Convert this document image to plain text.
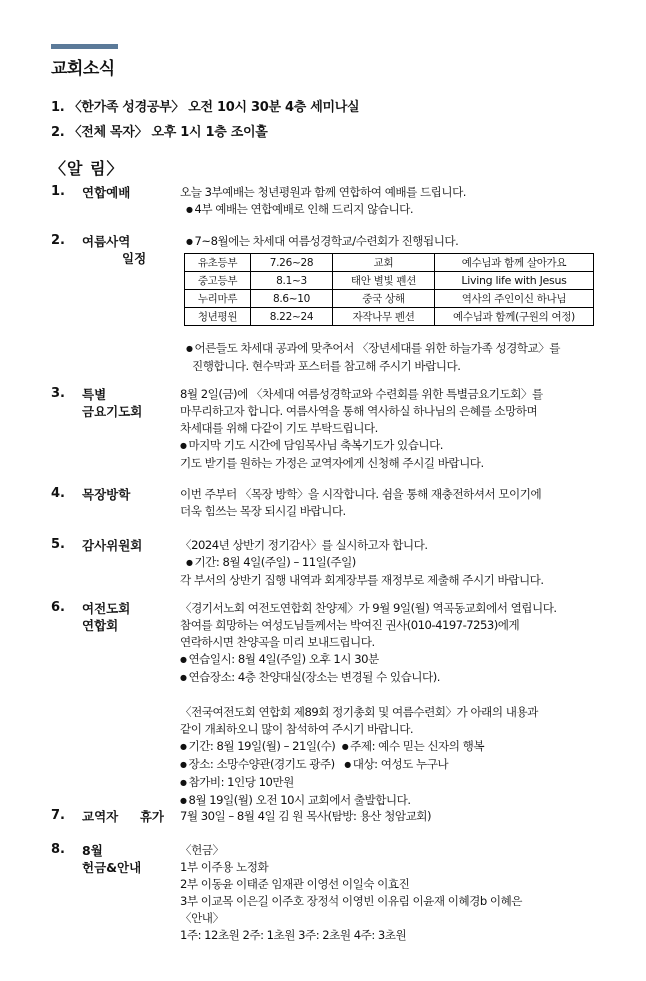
교회소식
1. 〈한가족 성경공부〉 오전 10시 30분 4층 세미나실
2. 〈전체 목자〉 오후 1시 1층 조이홀
〈알 림〉
1. 연합예배	오늘 3부예배는 청년평원과 함께 연합하여 예배를 드립니다.
● 4부 예배는 연합예배로 인해 드리지 않습니다.
2. 여름사역
일정
● 7~8월에는 차세대 여름성경학교/수련회가 진행됩니다.
유초등부	7.26~28	교회	예수님과 함께 살아가요
중고등부	8.1~3	태안 별빛 펜션	Living life with Jesus
누리마루	8.6~10	중국 상해	역사의 주인이신 하나님
청년평원	8.22~24	자작나무 펜션	예수님과 함께(구원의 여정)
● 어른들도 차세대 공과에 맞추어서 〈장년세대를 위한 하늘가족 성경학교〉를
진행합니다. 현수막과 포스터를 참고해 주시기 바랍니다.
3. 특별
금요기도회
8월 2일(금)에 〈차세대 여름성경학교와 수련회를 위한 특별금요기도회〉를
마무리하고자 합니다. 여름사역을 통해 역사하실 하나님의 은혜를 소망하며
차세대를 위해 다같이 기도 부탁드립니다.
● 마지막 기도 시간에 담임목사님 축복기도가 있습니다.
기도 받기를 원하는 가정은 교역자에게 신청해 주시길 바랍니다.
4. 목장방학	이번 주부터 〈목장 방학〉을 시작합니다. 쉼을 통해 재충전하셔서 모이기에
더욱 힘쓰는 목장 되시길 바랍니다.
5. 감사위원회	〈2024년 상반기 정기감사〉를 실시하고자 합니다.
● 기간: 8월 4일(주일) – 11일(주일)
각 부서의 상반기 집행 내역과 회계장부를 재정부로 제출해 주시기 바랍니다.
6. 여전도회
연합회
〈경기서노회 여전도연합회 찬양제〉가 9월 9일(월) 역곡동교회에서 열립니다.
참여를 희망하는 여성도님들께서는 박여진 권사(010-4197-7253)에게
연락하시면 찬양곡을 미리 보내드립니다.
● 연습일시: 8월 4일(주일) 오후 1시 30분
● 연습장소: 4층 찬양대실(장소는 변경될 수 있습니다).
〈전국여전도회 연합회 제89회 정기총회 및 여름수련회〉가 아래의 내용과
같이 개최하오니 많이 참석하여 주시기 바랍니다.
● 기간: 8월 19일(월) – 21일(수) ● 주제: 예수 믿는 신자의 행복
● 장소: 소망수양관(경기도 광주) ● 대상: 여성도 누구나
● 참가비: 1인당 10만원
● 8월 19일(월) 오전 10시 교회에서 출발합니다.
7. 교역자 휴가 7월 30일 – 8월 4일 김 원 목사(탐방: 용산 청암교회)
8. 8월
헌금&안내
〈헌금〉
1부 이주용 노정화
2부 이동윤 이태준 임재관 이영선 이일숙 이효진
3부 이교목 이은길 이주호 장정석 이영빈 이유림 이윤재 이혜경b 이혜은
〈안내〉
1주: 12초원 2주: 1초원 3주: 2초원 4주: 3초원
